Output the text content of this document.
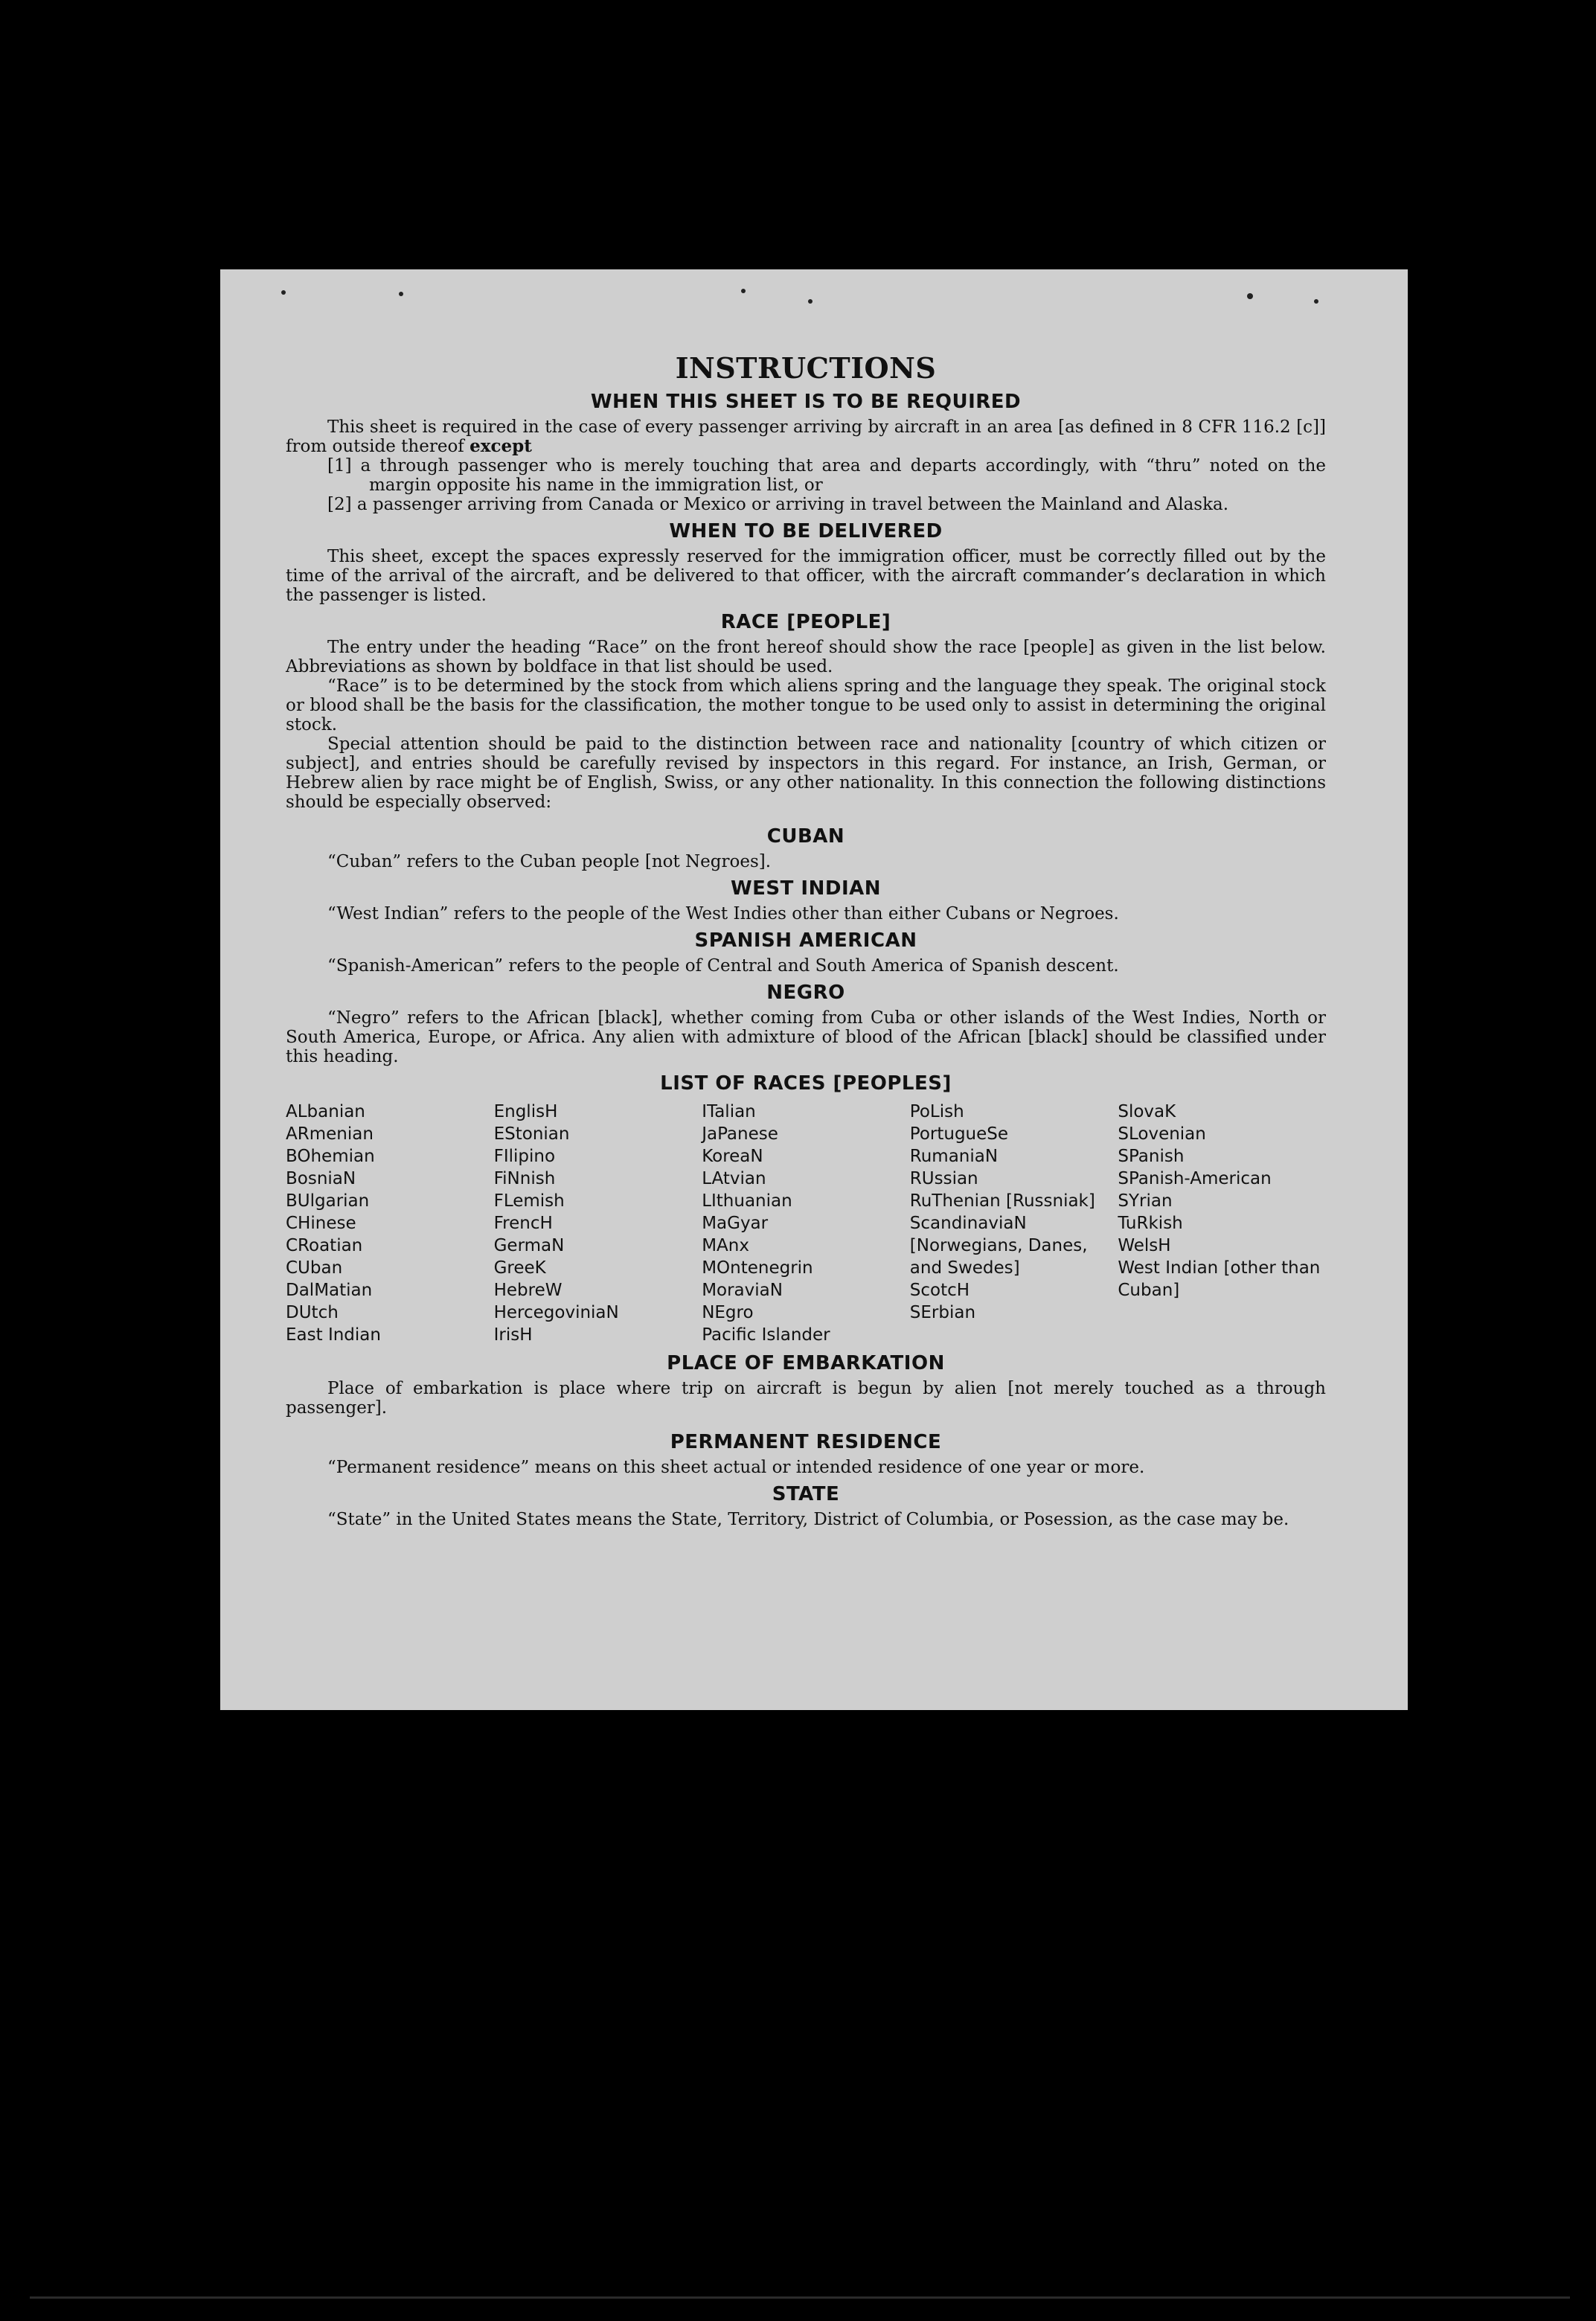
INSTRUCTIONS
WHEN THIS SHEET IS TO BE REQUIRED

This sheet is required in the case of every passenger arriving by aircraft in an area [as defined in 8 CFR 116.2 [c]] from outside thereof except

[1] a through passenger who is merely touching that area and departs accordingly, with “thru” noted on the margin opposite his name in the immigration list, or

[2] a passenger arriving from Canada or Mexico or arriving in travel between the Mainland and Alaska.

WHEN TO BE DELIVERED

This sheet, except the spaces expressly reserved for the immigration officer, must be correctly filled out by the time of the arrival of the aircraft, and be delivered to that officer, with the aircraft commander’s declaration in which the passenger is listed.

RACE [PEOPLE]

The entry under the heading “Race” on the front hereof should show the race [people] as given in the list below. Abbreviations as shown by boldface in that list should be used.

“Race” is to be determined by the stock from which aliens spring and the language they speak. The original stock or blood shall be the basis for the classification, the mother tongue to be used only to assist in determining the original stock.

Special attention should be paid to the distinction between race and nationality [country of which citizen or subject], and entries should be carefully revised by inspectors in this regard. For instance, an Irish, German, or Hebrew alien by race might be of English, Swiss, or any other nationality. In this connection the following distinctions should be especially observed:

CUBAN

“Cuban” refers to the Cuban people [not Negroes].

WEST INDIAN

“West Indian” refers to the people of the West Indies other than either Cubans or Negroes.

SPANISH AMERICAN

“Spanish-American” refers to the people of Central and South America of Spanish descent.

NEGRO

“Negro” refers to the African [black], whether coming from Cuba or other islands of the West Indies, North or South America, Europe, or Africa. Any alien with admixture of blood of the African [black] should be classified under this heading.

LIST OF RACES [PEOPLES]
ALbanian
ARmenian
BOhemian
BosniaN
BUlgarian
CHinese
CRoatian
CUban
DalMatian
DUtch
East Indian
EnglisH
EStonian
FIlipino
FiNnish
FLemish
FrencH
GermaN
GreeK
HebreW
HercegoviniaN
IrisH
ITalian
JaPanese
KoreaN
LAtvian
LIthuanian
MaGyar
MAnx
MOntenegrin
MoraviaN
NEgro
Pacific Islander
PoLish
PortugueSe
RumaniaN
RUssian
RuThenian [Russniak]
ScandinaviaN [Norwegians, Danes, and Swedes]
ScotcH
SErbian
SlovaK
SLovenian
SPanish
SPanish-American
SYrian
TuRkish
WelsH
West Indian [other than Cuban]
PLACE OF EMBARKATION

Place of embarkation is place where trip on aircraft is begun by alien [not merely touched as a through passenger].

PERMANENT RESIDENCE

“Permanent residence” means on this sheet actual or intended residence of one year or more.

STATE

“State” in the United States means the State, Territory, District of Columbia, or Posession, as the case may be.
